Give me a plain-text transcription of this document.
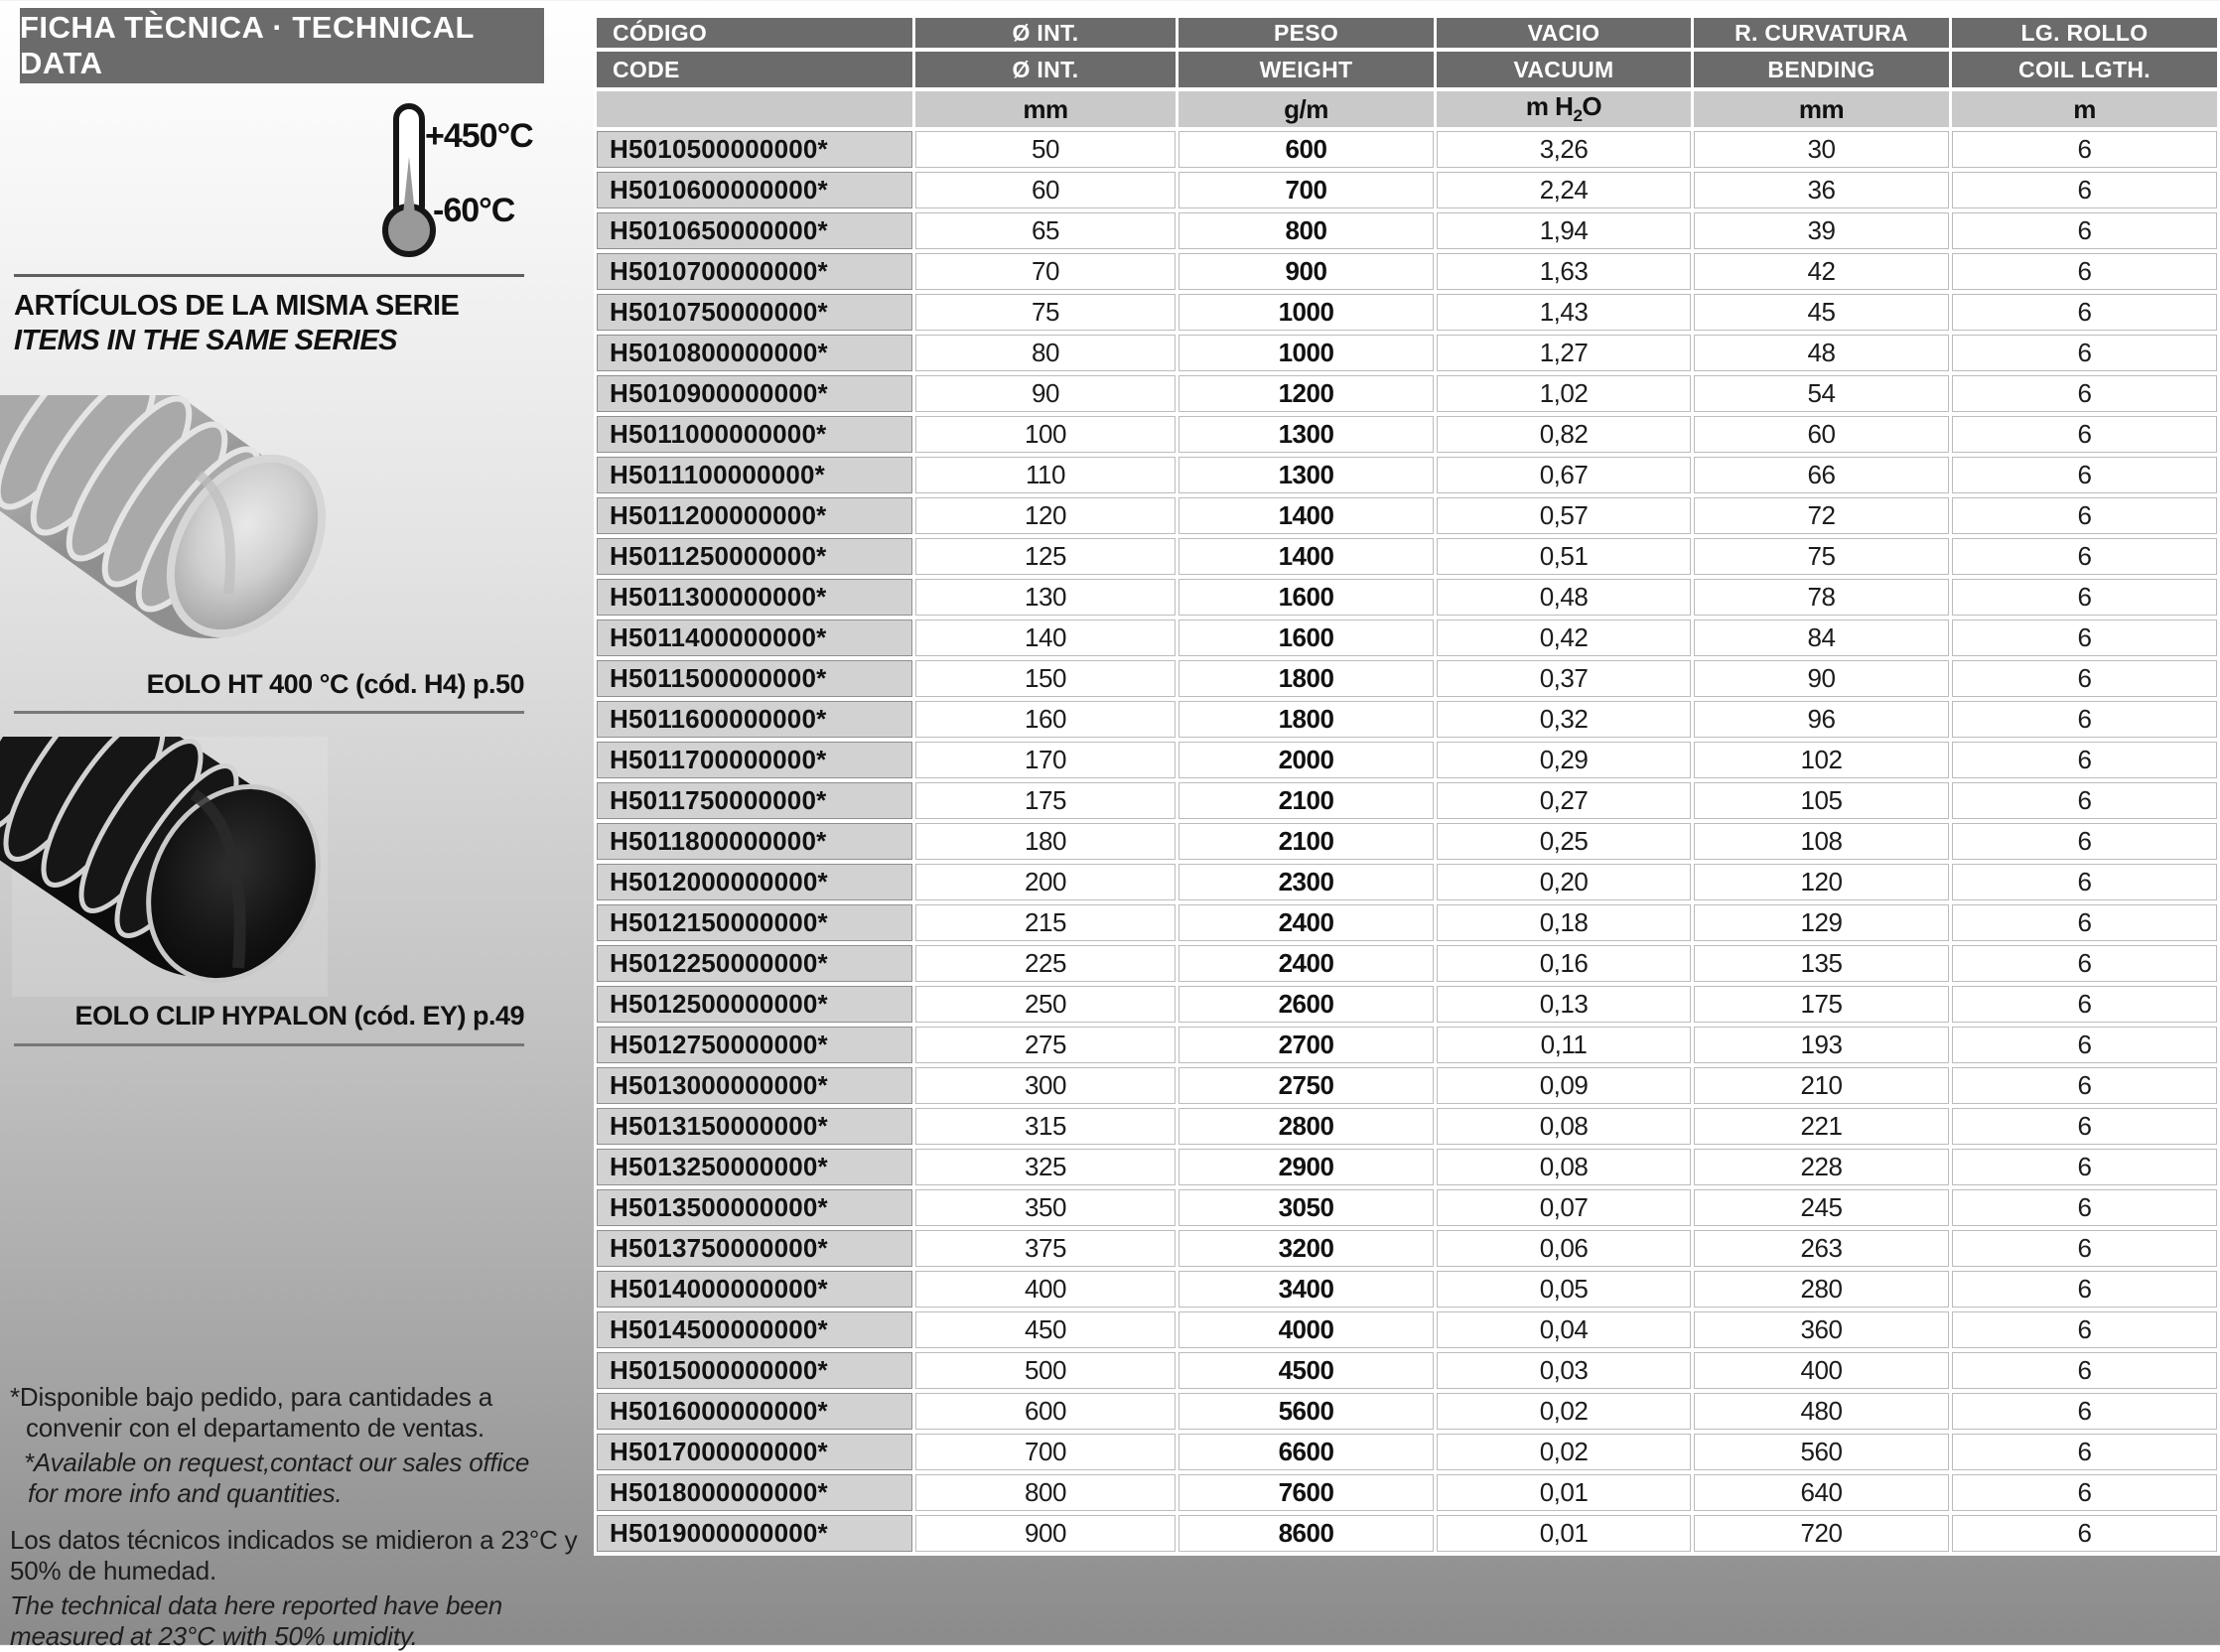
FICHA TÈCNICA · TECHNICAL DATA
+450°C
-60°C
ARTÍCULOS DE LA MISMA SERIE
ITEMS IN THE SAME SERIES
EOLO HT 400 °C (cód. H4) p.50
EOLO CLIP HYPALON (cód. EY) p.49
*Disponible bajo pedido, para cantidades a
convenir con el departamento de ventas.
*Available on request,contact our sales office
for more info and quantities.
Los datos técnicos indicados se midieron a 23°C y
50% de humedad.
The technical data here reported have been
measured at 23°C with 50% umidity.
CÓDIGO	Ø INT.	PESO	VACIO	R. CURVATURA	LG. ROLLO
CODE	Ø INT.	WEIGHT	VACUUM	BENDING	COIL LGTH.
	mm	g/m	m $H_2O$	mm	m
H5010500000000*	50	600	3,26	30	6
H5010600000000*	60	700	2,24	36	6
H5010650000000*	65	800	1,94	39	6
H5010700000000*	70	900	1,63	42	6
H5010750000000*	75	1000	1,43	45	6
H5010800000000*	80	1000	1,27	48	6
H5010900000000*	90	1200	1,02	54	6
H5011000000000*	100	1300	0,82	60	6
H5011100000000*	110	1300	0,67	66	6
H5011200000000*	120	1400	0,57	72	6
H5011250000000*	125	1400	0,51	75	6
H5011300000000*	130	1600	0,48	78	6
H5011400000000*	140	1600	0,42	84	6
H5011500000000*	150	1800	0,37	90	6
H5011600000000*	160	1800	0,32	96	6
H5011700000000*	170	2000	0,29	102	6
H5011750000000*	175	2100	0,27	105	6
H5011800000000*	180	2100	0,25	108	6
H5012000000000*	200	2300	0,20	120	6
H5012150000000*	215	2400	0,18	129	6
H5012250000000*	225	2400	0,16	135	6
H5012500000000*	250	2600	0,13	175	6
H5012750000000*	275	2700	0,11	193	6
H5013000000000*	300	2750	0,09	210	6
H5013150000000*	315	2800	0,08	221	6
H5013250000000*	325	2900	0,08	228	6
H5013500000000*	350	3050	0,07	245	6
H5013750000000*	375	3200	0,06	263	6
H5014000000000*	400	3400	0,05	280	6
H5014500000000*	450	4000	0,04	360	6
H5015000000000*	500	4500	0,03	400	6
H5016000000000*	600	5600	0,02	480	6
H5017000000000*	700	6600	0,02	560	6
H5018000000000*	800	7600	0,01	640	6
H5019000000000*	900	8600	0,01	720	6
